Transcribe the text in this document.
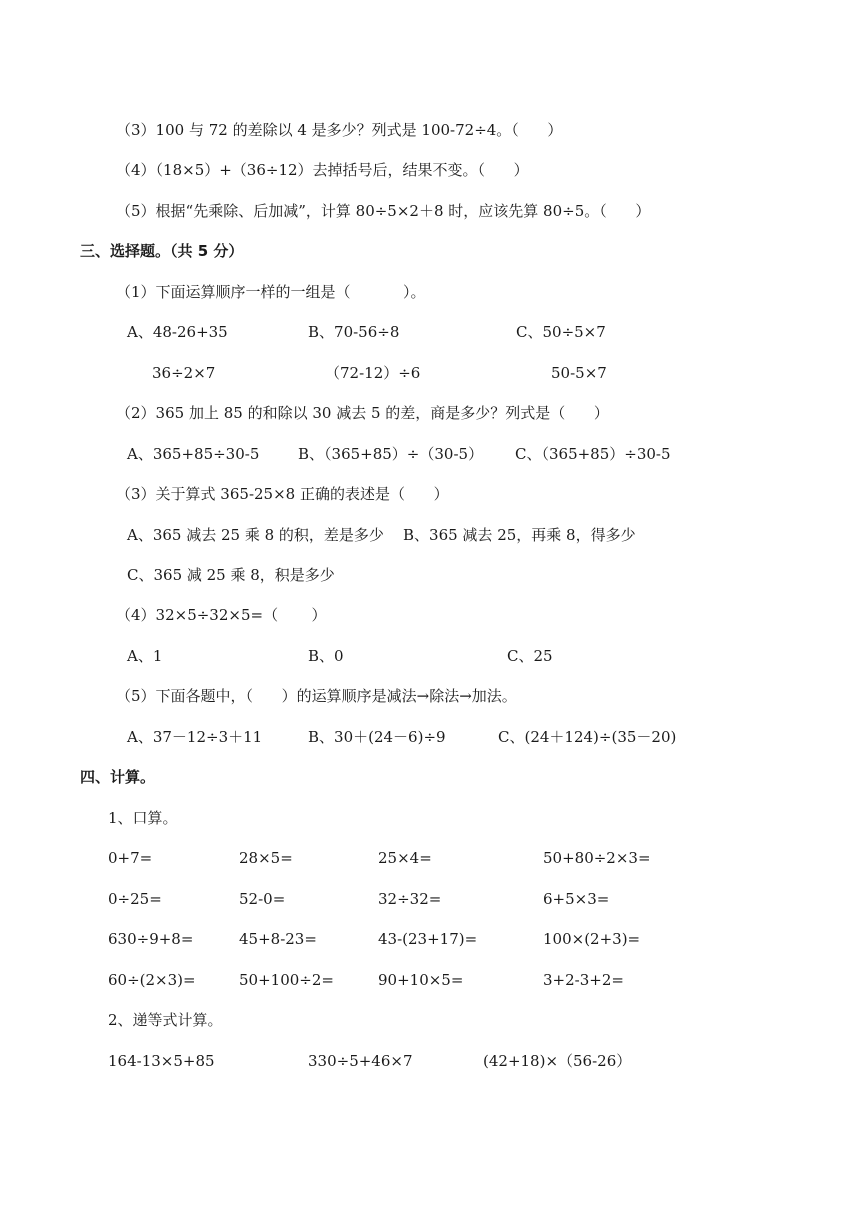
（3）100 与 72 的差除以 4 是多少？列式是 100-72÷4。（      ）
（4）（18×5）+（36÷12）去掉括号后，结果不变。（      ）
（5）根据“先乘除、后加减”，计算 80÷5×2＋8 时，应该先算 80÷5。（      ）
三、选择题。（共 5 分）
（1）下面运算顺序一样的一组是（           ）。
A、48-26+35	B、70-56÷8	C、50÷5×7
36÷2×7	（72-12）÷6	50-5×7
（2）365 加上 85 的和除以 30 减去 5 的差，商是多少？列式是（      ）
A、365+85÷30-5	B、（365+85）÷（30-5） C、（365+85）÷30-5
（3）关于算式 365-25×8 正确的表述是（      ）
A、365 减去 25 乘 8 的积，差是多少    B、365 减去 25，再乘 8，得多少
C、365 减 25 乘 8，积是多少
（4）32×5÷32×5=（       ）
A、1	B、0	C、25
（5）下面各题中，（      ）的运算顺序是减法→除法→加法。
A、37－12÷3＋11	B、30＋(24－6)÷9	C、(24＋124)÷(35－20)
四、计算。
1、口算。
0+7=	28×5=	25×4=	50+80÷2×3=
0÷25=	52-0=	32÷32=	6+5×3=
630÷9+8=	45+8-23=	43-(23+17)=	100×(2+3)=
60÷(2×3)=	50+100÷2=	90+10×5=	3+2-3+2=
2、递等式计算。
164-13×5+85	330÷5+46×7	(42+18)×（56-26）
